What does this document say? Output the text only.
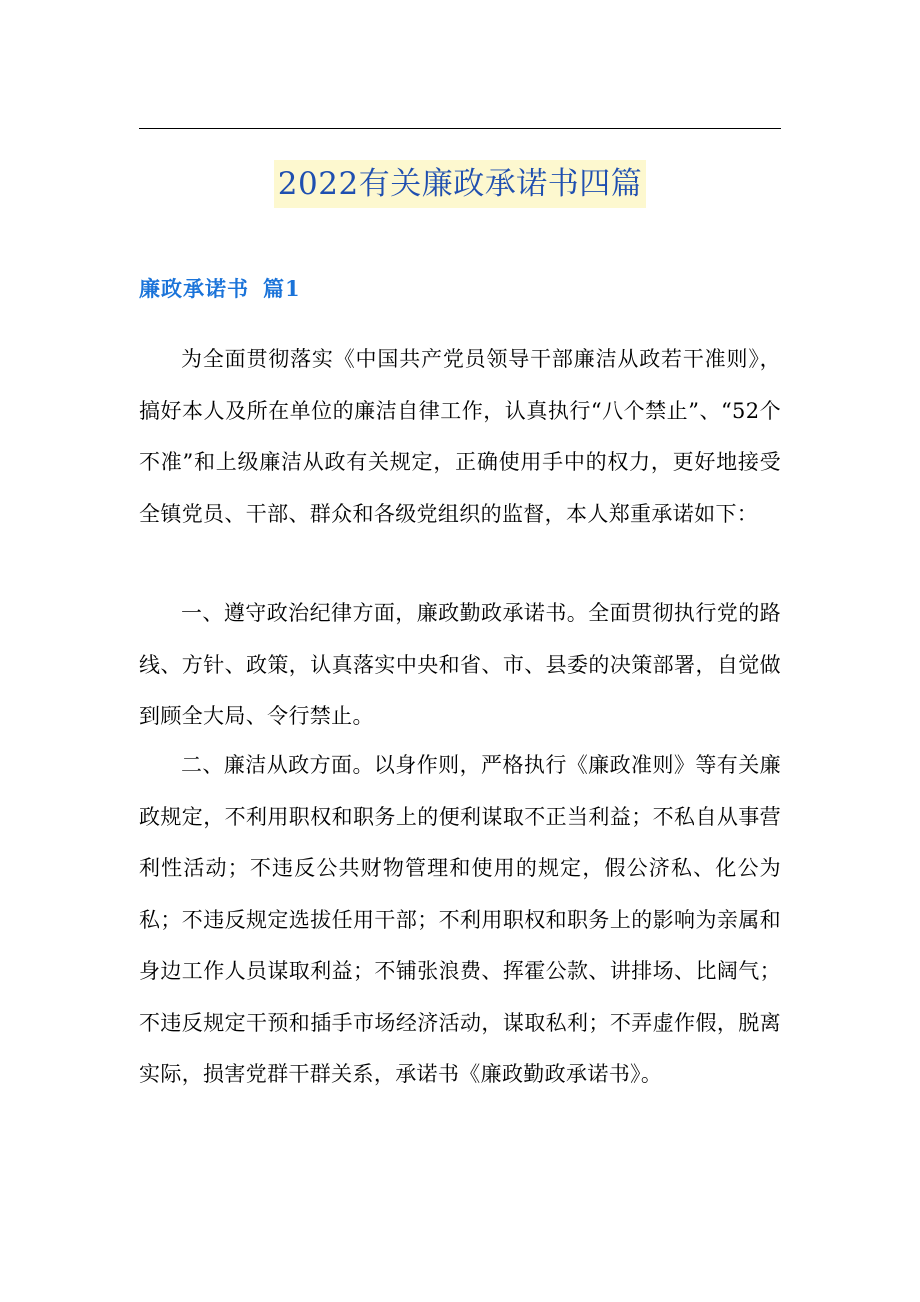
2022有关廉政承诺书四篇
廉政承诺书 篇1

为全面贯彻落实《中国共产党员领导干部廉洁从政若干准则》，搞好本人及所在单位的廉洁自律工作，认真执行“八个禁止”、“52个不准”和上级廉洁从政有关规定，正确使用手中的权力，更好地接受全镇党员、干部、群众和各级党组织的监督，本人郑重承诺如下：

一、遵守政治纪律方面，廉政勤政承诺书。全面贯彻执行党的路线、方针、政策，认真落实中央和省、市、县委的决策部署，自觉做到顾全大局、令行禁止。

二、廉洁从政方面。以身作则，严格执行《廉政准则》等有关廉政规定，不利用职权和职务上的便利谋取不正当利益；不私自从事营利性活动；不违反公共财物管理和使用的规定，假公济私、化公为私；不违反规定选拔任用干部；不利用职权和职务上的影响为亲属和身边工作人员谋取利益；不铺张浪费、挥霍公款、讲排场、比阔气；不违反规定干预和插手市场经济活动，谋取私利；不弄虚作假，脱离实际，损害党群干群关系，承诺书《廉政勤政承诺书》。
